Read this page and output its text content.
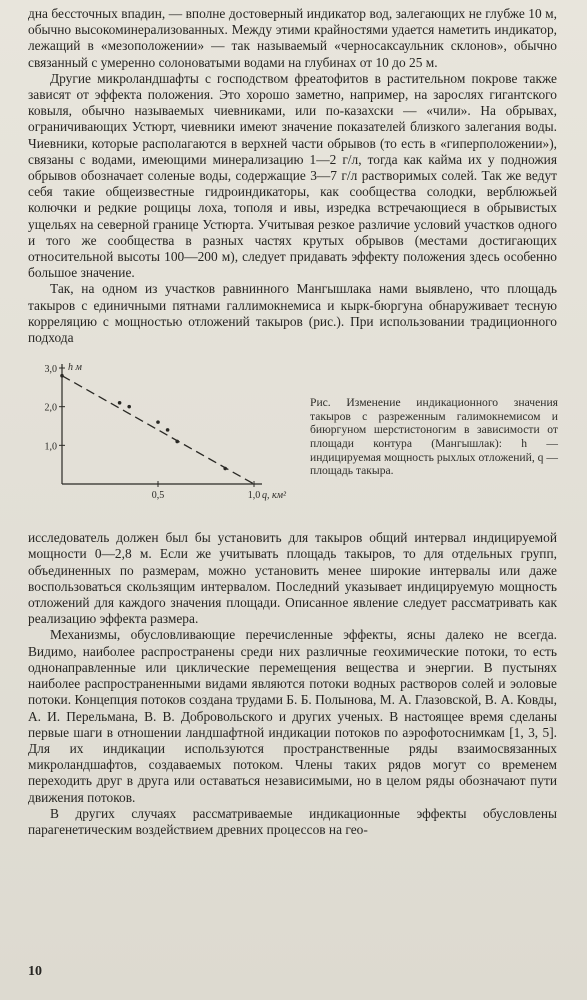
дна бессточных впадин, — вполне достоверный индикатор вод, залегающих не глубже 10 м, обычно высокоминерализованных. Между этими крайностями удается наметить индикатор, лежащий в «мезоположении» — так называемый «черносаксаульник склонов», обычно связанный с умеренно солоноватыми водами на глубинах от 10 до 25 м.

Другие микроландшафты с господством фреатофитов в растительном покрове также зависят от эффекта положения. Это хорошо заметно, например, на зарослях гигантского ковыля, обычно называемых чиевниками, или по-казахски — «чили». На обрывах, ограничивающих Устюрт, чиевники имеют значение показателей близкого залегания воды. Чиевники, которые располагаются в верхней части обрывов (то есть в «гиперположении»), связаны с водами, имеющими минерализацию 1—2 г/л, тогда как кайма их у подножия обрывов обозначает соленые воды, содержащие 3—7 г/л растворимых солей. Так же ведут себя такие общеизвестные гидроиндикаторы, как сообщества солодки, верблюжьей колючки и редкие рощицы лоха, тополя и ивы, изредка встречающиеся в обрывистых ущельях на северной границе Устюрта. Учитывая резкое различие условий участков одного и того же сообщества в разных частях крутых обрывов (местами достигающих относительной высоты 100—200 м), следует придавать эффекту положения здесь особенно большое значение.

Так, на одном из участков равнинного Мангышлака нами выявлено, что площадь такыров с единичными пятнами галлимокнемиса и кырк-бюргуна обнаруживает тесную корреляцию с мощностью отложений такыров (рис.). При использовании традиционного подхода

3,0
2,0
1,0
0,5	1,0
h м
q, км²
Рис. Изменение индикационного значения такыров с разреженным галимокнемисом и биюргуном шерстистоногим в зависимости от площади контура (Мангышлак): h — индицируемая мощность рыхлых отложений, q — площадь такыра.

исследователь должен был бы установить для такыров общий интервал индицируемой мощности 0—2,8 м. Если же учитывать площадь такыров, то для отдельных групп, объединенных по размерам, можно установить менее широкие интервалы или даже воспользоваться скользящим интервалом. Последний указывает индицируемую мощность отложений для каждого значения площади. Описанное явление следует рассматривать как реализацию эффекта размера.

Механизмы, обусловливающие перечисленные эффекты, ясны далеко не всегда. Видимо, наиболее распространены среди них различные геохимические потоки, то есть однонаправленные или циклические перемещения вещества и энергии. В пустынях наиболее распространенными видами являются потоки водных растворов солей и эоловые потоки. Концепция потоков создана трудами Б. Б. Полынова, М. А. Глазовской, В. А. Ковды, А. И. Перельмана, В. В. Добровольского и других ученых. В настоящее время сделаны первые шаги в отношении ландшафтной индикации потоков по аэрофотоснимкам [1, 3, 5]. Для их индикации используются пространственные ряды взаимосвязанных микроландшафтов, создаваемых потоком. Члены таких рядов могут со временем переходить друг в друга или оставаться независимыми, но в целом ряды обозначают пути движения потоков.

В других случаях рассматриваемые индикационные эффекты обусловлены парагенетическим воздействием древних процессов на гео-

10
